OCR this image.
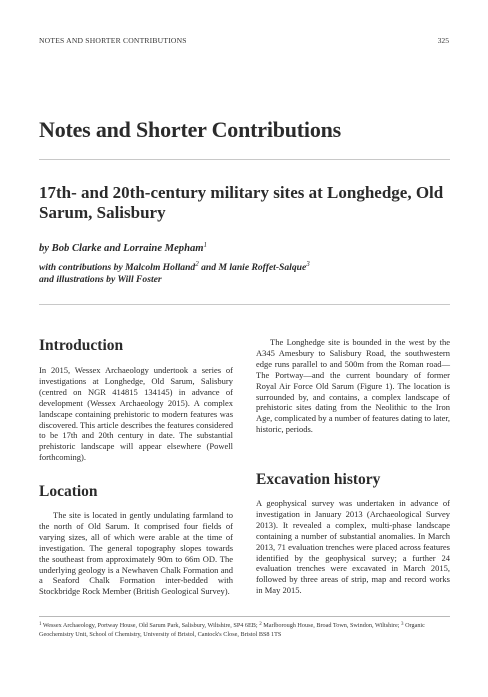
NOTES AND SHORTER CONTRIBUTIONS	325
Notes and Shorter Contributions
17th- and 20th-century military sites at Longhedge, Old Sarum, Salisbury
by Bob Clarke and Lorraine Mepham$^1$
with contributions by Malcolm Holland$^2$ and M lanie Roffet-Salque$^3$
and illustrations by Will Foster
Introduction

In 2015, Wessex Archaeology undertook a series of investigations at Longhedge, Old Sarum, Salisbury (centred on NGR 414815 134145) in advance of development (Wessex Archaeology 2015). A complex landscape containing prehistoric to modern features was discovered. This article describes the features considered to be 17th and 20th century in date. The substantial prehistoric landscape will appear elsewhere (Powell forthcoming).

Location

The site is located in gently undulating farmland to the north of Old Sarum. It comprised four fields of varying sizes, all of which were arable at the time of investigation. The general topography slopes towards the southeast from approximately 90m to 66m OD. The underlying geology is a Newhaven Chalk Formation and a Seaford Chalk Formation inter-bedded with Stockbridge Rock Member (British Geological Survey).

The Longhedge site is bounded in the west by the A345 Amesbury to Salisbury Road, the southwestern edge runs parallel to and 500m from the Roman road—The Portway—and the current boundary of former Royal Air Force Old Sarum (Figure 1). The location is surrounded by, and contains, a complex landscape of prehistoric sites dating from the Neolithic to the Iron Age, complicated by a number of features dating to later, historic, periods.

Excavation history

A geophysical survey was undertaken in advance of investigation in January 2013 (Archaeological Survey 2013). It revealed a complex, multi-phase landscape containing a number of substantial anomalies. In March 2013, 71 evaluation trenches were placed across features identified by the geophysical survey; a further 24 evaluation trenches were excavated in March 2015, followed by three areas of strip, map and record works in May 2015.

$^1$ Wessex Archaeology, Portway House, Old Sarum Park, Salisbury, Wiltshire, SP4 6EB; $^2$ Marlborough House, Broad Town, Swindon, Wiltshire; $^3$ Organic Geochemistry Unit, School of Chemistry, University of Bristol, Cantock's Close, Bristol BS8 1TS
